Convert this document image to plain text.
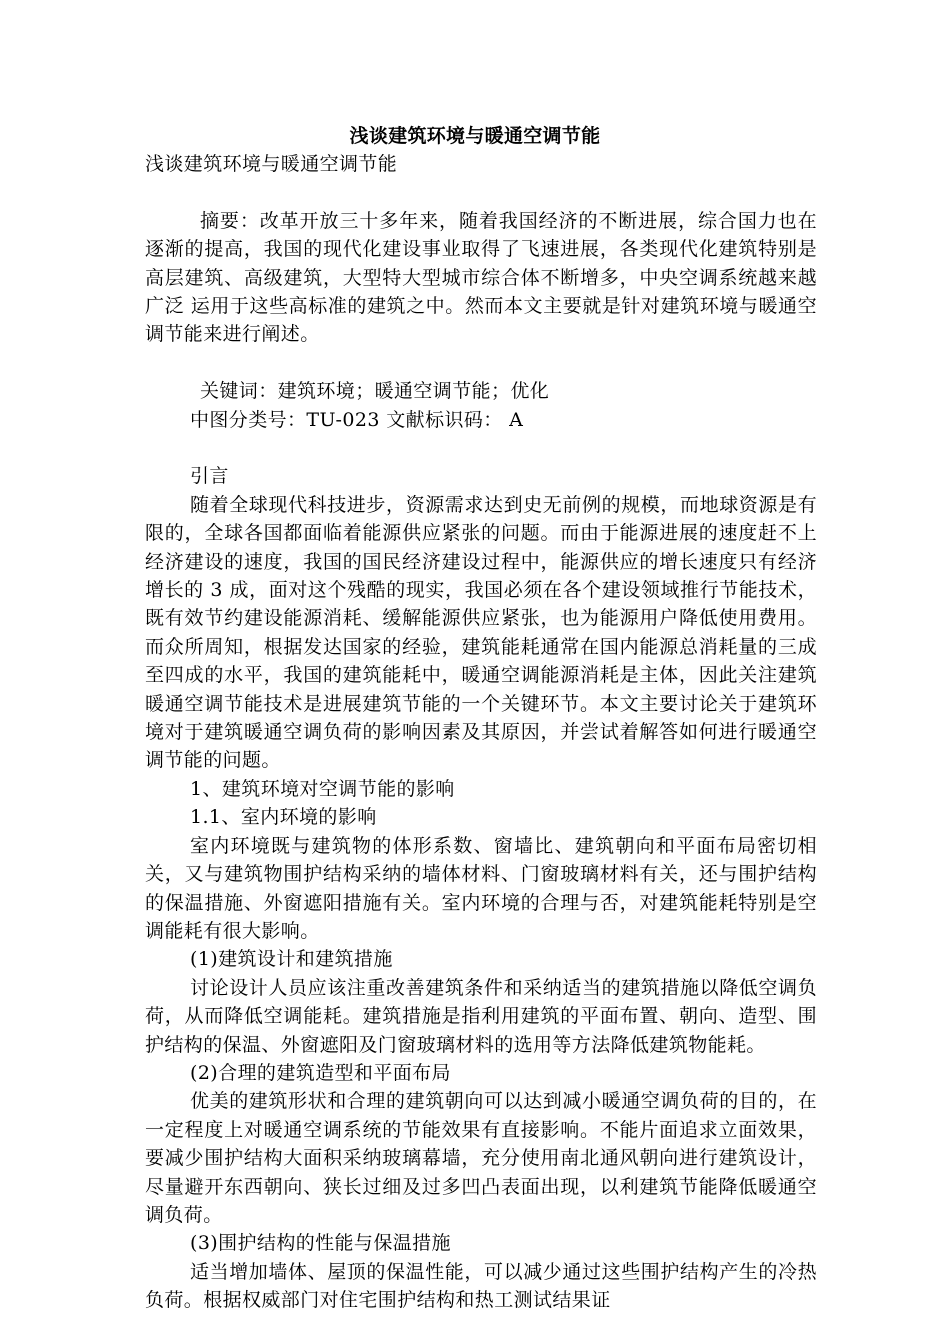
浅谈建筑环境与暖通空调节能

浅谈建筑环境与暖通空调节能

摘要：改革开放三十多年来，随着我国经济的不断进展，综合国力也在逐渐的提高，我国的现代化建设事业取得了飞速进展，各类现代化建筑特别是高层建筑、高级建筑，大型特大型城市综合体不断增多，中央空调系统越来越广泛 运用于这些高标准的建筑之中。然而本文主要就是针对建筑环境与暖通空调节能来进行阐述。

关键词：建筑环境；暖通空调节能；优化

中图分类号：TU-023 文献标识码： A

引言

随着全球现代科技进步，资源需求达到史无前例的规模，而地球资源是有限的，全球各国都面临着能源供应紧张的问题。而由于能源进展的速度赶不上经济建设的速度，我国的国民经济建设过程中，能源供应的增长速度只有经济增长的 3 成，面对这个残酷的现实，我国必须在各个建设领域推行节能技术，既有效节约建设能源消耗、缓解能源供应紧张，也为能源用户降低使用费用。而众所周知，根据发达国家的经验，建筑能耗通常在国内能源总消耗量的三成至四成的水平，我国的建筑能耗中，暖通空调能源消耗是主体，因此关注建筑暖通空调节能技术是进展建筑节能的一个关键环节。本文主要讨论关于建筑环境对于建筑暖通空调负荷的影响因素及其原因，并尝试着解答如何进行暖通空调节能的问题。

1、建筑环境对空调节能的影响

1.1、室内环境的影响

室内环境既与建筑物的体形系数、窗墙比、建筑朝向和平面布局密切相关，又与建筑物围护结构采纳的墙体材料、门窗玻璃材料有关，还与围护结构的保温措施、外窗遮阳措施有关。室内环境的合理与否，对建筑能耗特别是空调能耗有很大影响。

(1)建筑设计和建筑措施

讨论设计人员应该注重改善建筑条件和采纳适当的建筑措施以降低空调负荷，从而降低空调能耗。建筑措施是指利用建筑的平面布置、朝向、造型、围护结构的保温、外窗遮阳及门窗玻璃材料的选用等方法降低建筑物能耗。

(2)合理的建筑造型和平面布局

优美的建筑形状和合理的建筑朝向可以达到减小暖通空调负荷的目的，在一定程度上对暖通空调系统的节能效果有直接影响。不能片面追求立面效果，要减少围护结构大面积采纳玻璃幕墙，充分使用南北通风朝向进行建筑设计，尽量避开东西朝向、狭长过细及过多凹凸表面出现，以利建筑节能降低暖通空调负荷。

(3)围护结构的性能与保温措施

适当增加墙体、屋顶的保温性能，可以减少通过这些围护结构产生的冷热负荷。根据权威部门对住宅围护结构和热工测试结果证
